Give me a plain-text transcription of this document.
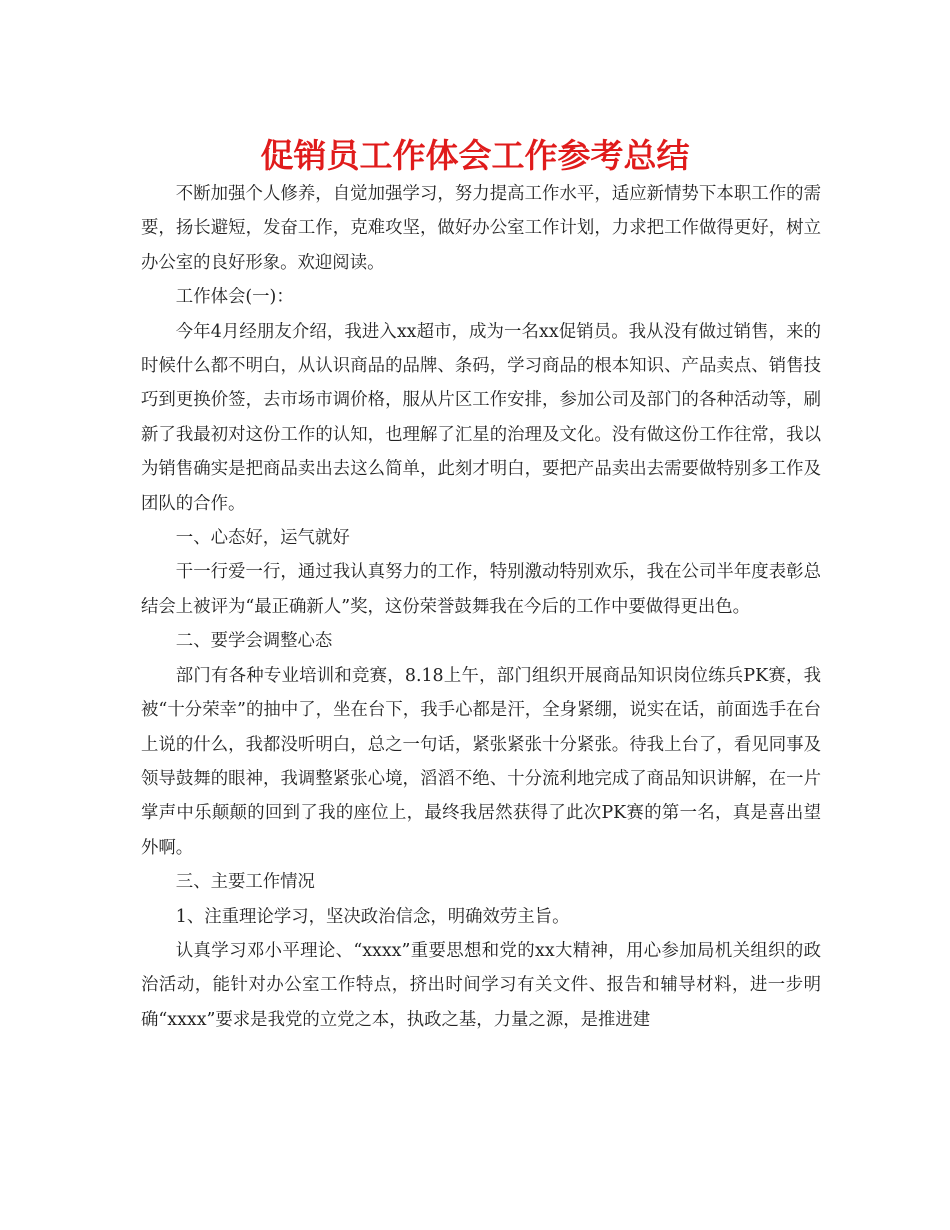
促销员工作体会工作参考总结

不断加强个人修养，自觉加强学习，努力提高工作水平，适应新情势下本职工作的需要，扬长避短，发奋工作，克难攻坚，做好办公室工作计划，力求把工作做得更好，树立办公室的良好形象。欢迎阅读。

工作体会(一)：

今年4月经朋友介绍，我进入xx超市，成为一名xx促销员。我从没有做过销售，来的时候什么都不明白，从认识商品的品牌、条码，学习商品的根本知识、产品卖点、销售技巧到更换价签，去市场市调价格，服从片区工作安排，参加公司及部门的各种活动等，刷新了我最初对这份工作的认知，也理解了汇星的治理及文化。没有做这份工作往常，我以为销售确实是把商品卖出去这么简单，此刻才明白，要把产品卖出去需要做特别多工作及团队的合作。

一、心态好，运气就好

干一行爱一行，通过我认真努力的工作，特别激动特别欢乐，我在公司半年度表彰总结会上被评为“最正确新人”奖，这份荣誉鼓舞我在今后的工作中要做得更出色。

二、要学会调整心态

部门有各种专业培训和竞赛，8.18上午，部门组织开展商品知识岗位练兵PK赛，我被“十分荣幸”的抽中了，坐在台下，我手心都是汗，全身紧绷，说实在话，前面选手在台上说的什么，我都没听明白，总之一句话，紧张紧张十分紧张。待我上台了，看见同事及领导鼓舞的眼神，我调整紧张心境，滔滔不绝、十分流利地完成了商品知识讲解，在一片掌声中乐颠颠的回到了我的座位上，最终我居然获得了此次PK赛的第一名，真是喜出望外啊。

三、主要工作情况

1、注重理论学习，坚决政治信念，明确效劳主旨。

认真学习邓小平理论、“xxxx”重要思想和党的xx大精神，用心参加局机关组织的政治活动，能针对办公室工作特点，挤出时间学习有关文件、报告和辅导材料，进一步明确“xxxx”要求是我党的立党之本，执政之基，力量之源，是推进建
